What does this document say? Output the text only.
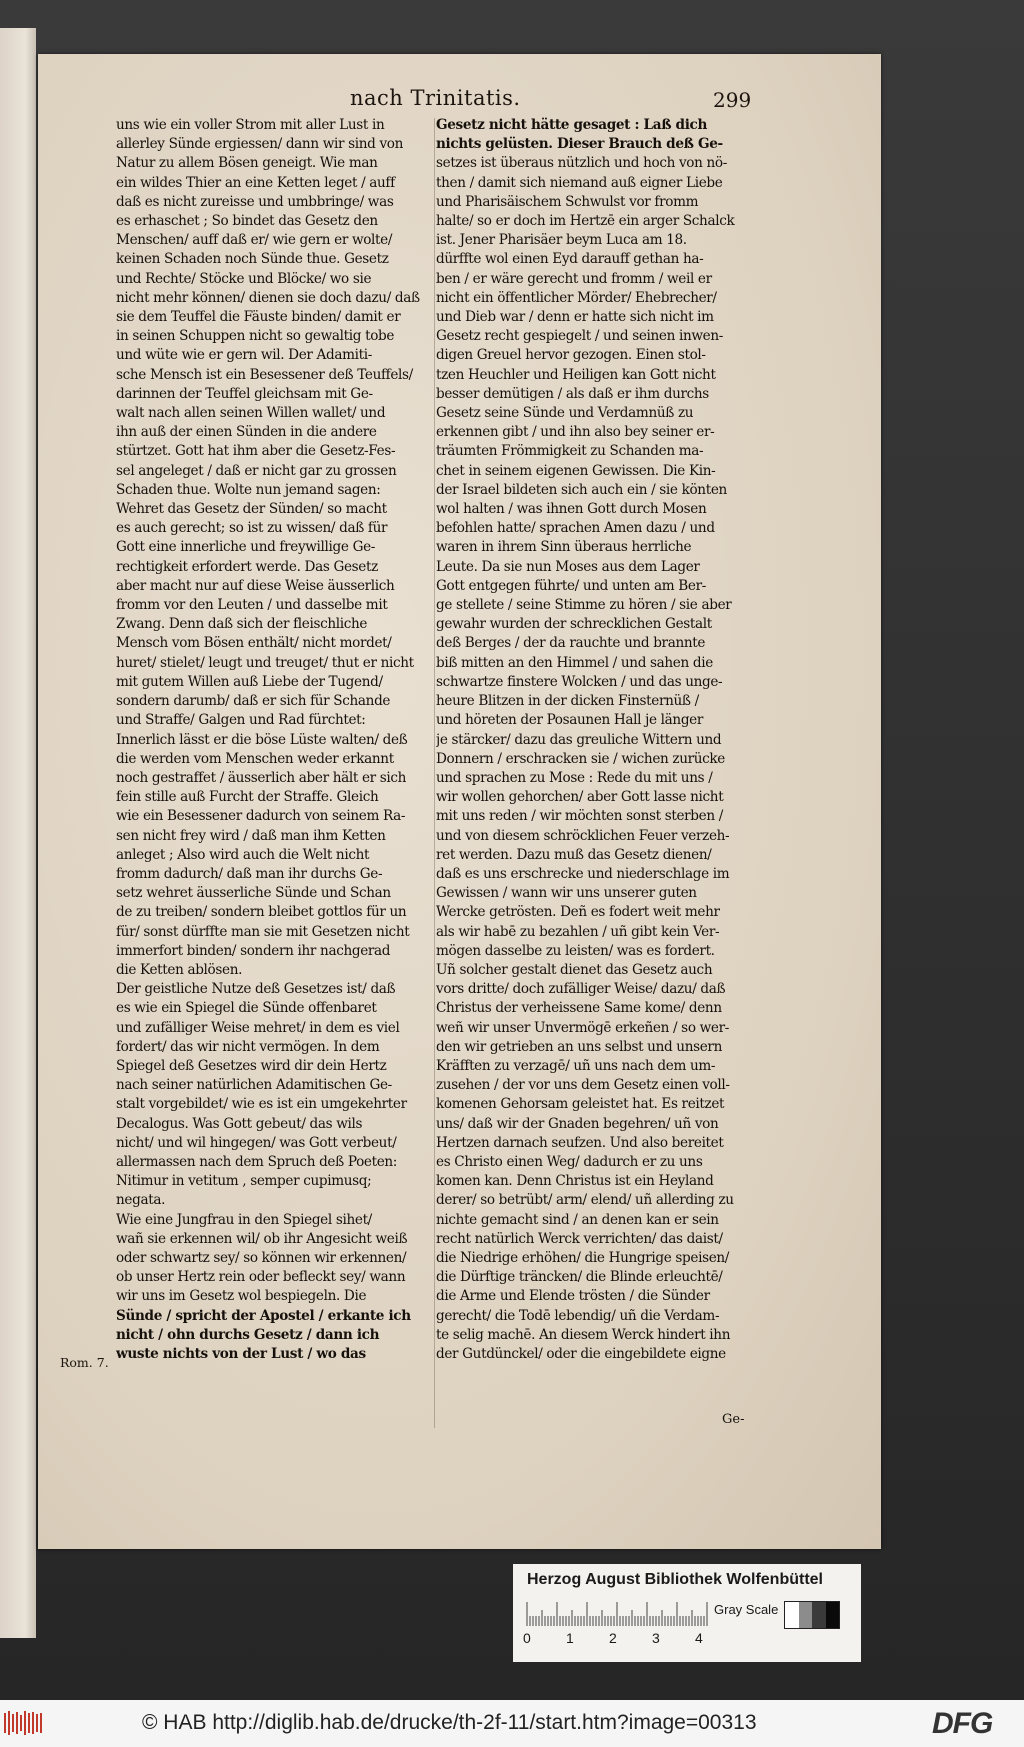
nach Trinitatis.	299
uns wie ein voller Strom mit aller Lust in
allerley Sünde ergiessen/ dann wir sind von
Natur zu allem Bösen geneigt. Wie man
ein wildes Thier an eine Ketten leget / auff
daß es nicht zureisse und umbbringe/ was
es erhaschet ; So bindet das Gesetz den
Menschen/ auff daß er/ wie gern er wolte/
keinen Schaden noch Sünde thue. Gesetz
und Rechte/ Stöcke und Blöcke/ wo sie
nicht mehr können/ dienen sie doch dazu/ daß
sie dem Teuffel die Fäuste binden/ damit er
in seinen Schuppen nicht so gewaltig tobe
und wüte wie er gern wil. Der Adamiti-
sche Mensch ist ein Besessener deß Teuffels/
darinnen der Teuffel gleichsam mit Ge-
walt nach allen seinen Willen wallet/ und
ihn auß der einen Sünden in die andere
stürtzet. Gott hat ihm aber die Gesetz-Fes-
sel angeleget / daß er nicht gar zu grossen
Schaden thue. Wolte nun jemand sagen:
Wehret das Gesetz der Sünden/ so macht
es auch gerecht; so ist zu wissen/ daß für
Gott eine innerliche und freywillige Ge-
rechtigkeit erfordert werde. Das Gesetz
aber macht nur auf diese Weise äusserlich
fromm vor den Leuten / und dasselbe mit
Zwang. Denn daß sich der fleischliche
Mensch vom Bösen enthält/ nicht mordet/
huret/ stielet/ leugt und treuget/ thut er nicht
mit gutem Willen auß Liebe der Tugend/
sondern darumb/ daß er sich für Schande
und Straffe/ Galgen und Rad fürchtet:
Innerlich lässt er die böse Lüste walten/ deß
die werden vom Menschen weder erkannt
noch gestraffet / äusserlich aber hält er sich
fein stille auß Furcht der Straffe. Gleich
wie ein Besessener dadurch von seinem Ra-
sen nicht frey wird / daß man ihm Ketten
anleget ; Also wird auch die Welt nicht
fromm dadurch/ daß man ihr durchs Ge-
setz wehret äusserliche Sünde und Schan
de zu treiben/ sondern bleibet gottlos für un
für/ sonst dürffte man sie mit Gesetzen nicht
immerfort binden/ sondern ihr nachgerad
die Ketten ablösen.
Der geistliche Nutze deß Gesetzes ist/ daß
es wie ein Spiegel die Sünde offenbaret
und zufälliger Weise mehret/ in dem es viel
fordert/ das wir nicht vermögen. In dem
Spiegel deß Gesetzes wird dir dein Hertz
nach seiner natürlichen Adamitischen Ge-
stalt vorgebildet/ wie es ist ein umgekehrter
Decalogus. Was Gott gebeut/ das wils
nicht/ und wil hingegen/ was Gott verbeut/
allermassen nach dem Spruch deß Poeten:
Nitimur in vetitum , semper cupimusq;
negata.
Wie eine Jungfrau in den Spiegel sihet/
wañ sie erkennen wil/ ob ihr Angesicht weiß
oder schwartz sey/ so können wir erkennen/
ob unser Hertz rein oder befleckt sey/ wann
wir uns im Gesetz wol bespiegeln. Die
Sünde / spricht der Apostel / erkante ich
nicht / ohn durchs Gesetz / dann ich
wuste nichts von der Lust / wo das
Gesetz nicht hätte gesaget : Laß dich
nichts gelüsten. Dieser Brauch deß Ge-
setzes ist überaus nützlich und hoch von nö-
then / damit sich niemand auß eigner Liebe
und Pharisäischem Schwulst vor fromm
halte/ so er doch im Hertzē ein arger Schalck
ist. Jener Pharisäer beym Luca am 18.
dürffte wol einen Eyd darauff gethan ha-
ben / er wäre gerecht und fromm / weil er
nicht ein öffentlicher Mörder/ Ehebrecher/
und Dieb war / denn er hatte sich nicht im
Gesetz recht gespiegelt / und seinen inwen-
digen Greuel hervor gezogen. Einen stol-
tzen Heuchler und Heiligen kan Gott nicht
besser demütigen / als daß er ihm durchs
Gesetz seine Sünde und Verdamnüß zu
erkennen gibt / und ihn also bey seiner er-
träumten Frömmigkeit zu Schanden ma-
chet in seinem eigenen Gewissen. Die Kin-
der Israel bildeten sich auch ein / sie könten
wol halten / was ihnen Gott durch Mosen
befohlen hatte/ sprachen Amen dazu / und
waren in ihrem Sinn überaus herrliche
Leute. Da sie nun Moses aus dem Lager
Gott entgegen führte/ und unten am Ber-
ge stellete / seine Stimme zu hören / sie aber
gewahr wurden der schrecklichen Gestalt
deß Berges / der da rauchte und brannte
biß mitten an den Himmel / und sahen die
schwartze finstere Wolcken / und das unge-
heure Blitzen in der dicken Finsternüß /
und höreten der Posaunen Hall je länger
je stärcker/ dazu das greuliche Wittern und
Donnern / erschracken sie / wichen zurücke
und sprachen zu Mose : Rede du mit uns /
wir wollen gehorchen/ aber Gott lasse nicht
mit uns reden / wir möchten sonst sterben /
und von diesem schröcklichen Feuer verzeh-
ret werden. Dazu muß das Gesetz dienen/
daß es uns erschrecke und niederschlage im
Gewissen / wann wir uns unserer guten
Wercke getrösten. Deñ es fodert weit mehr
als wir habē zu bezahlen / uñ gibt kein Ver-
mögen dasselbe zu leisten/ was es fordert.
Uñ solcher gestalt dienet das Gesetz auch
vors dritte/ doch zufälliger Weise/ dazu/ daß
Christus der verheissene Same kome/ denn
weñ wir unser Unvermögē erkeñen / so wer-
den wir getrieben an uns selbst und unsern
Kräfften zu verzagē/ uñ uns nach dem um-
zusehen / der vor uns dem Gesetz einen voll-
komenen Gehorsam geleistet hat. Es reitzet
uns/ daß wir der Gnaden begehren/ uñ von
Hertzen darnach seufzen. Und also bereitet
es Christo einen Weg/ dadurch er zu uns
komen kan. Denn Christus ist ein Heyland
derer/ so betrübt/ arm/ elend/ uñ allerding zu
nichte gemacht sind / an denen kan er sein
recht natürlich Werck verrichten/ das daist/
die Niedrige erhöhen/ die Hungrige speisen/
die Dürftige träncken/ die Blinde erleuchtē/
die Arme und Elende trösten / die Sünder
gerecht/ die Todē lebendig/ uñ die Verdam-
te selig machē. An diesem Werck hindert ihn
der Gutdünckel/ oder die eingebildete eigne
Rom. 7.
Ge-
Herzog August Bibliothek Wolfenbüttel
0	1	2	3	4
Gray Scale
© HAB http://diglib.hab.de/drucke/th-2f-11/start.htm?image=00313	DFG
